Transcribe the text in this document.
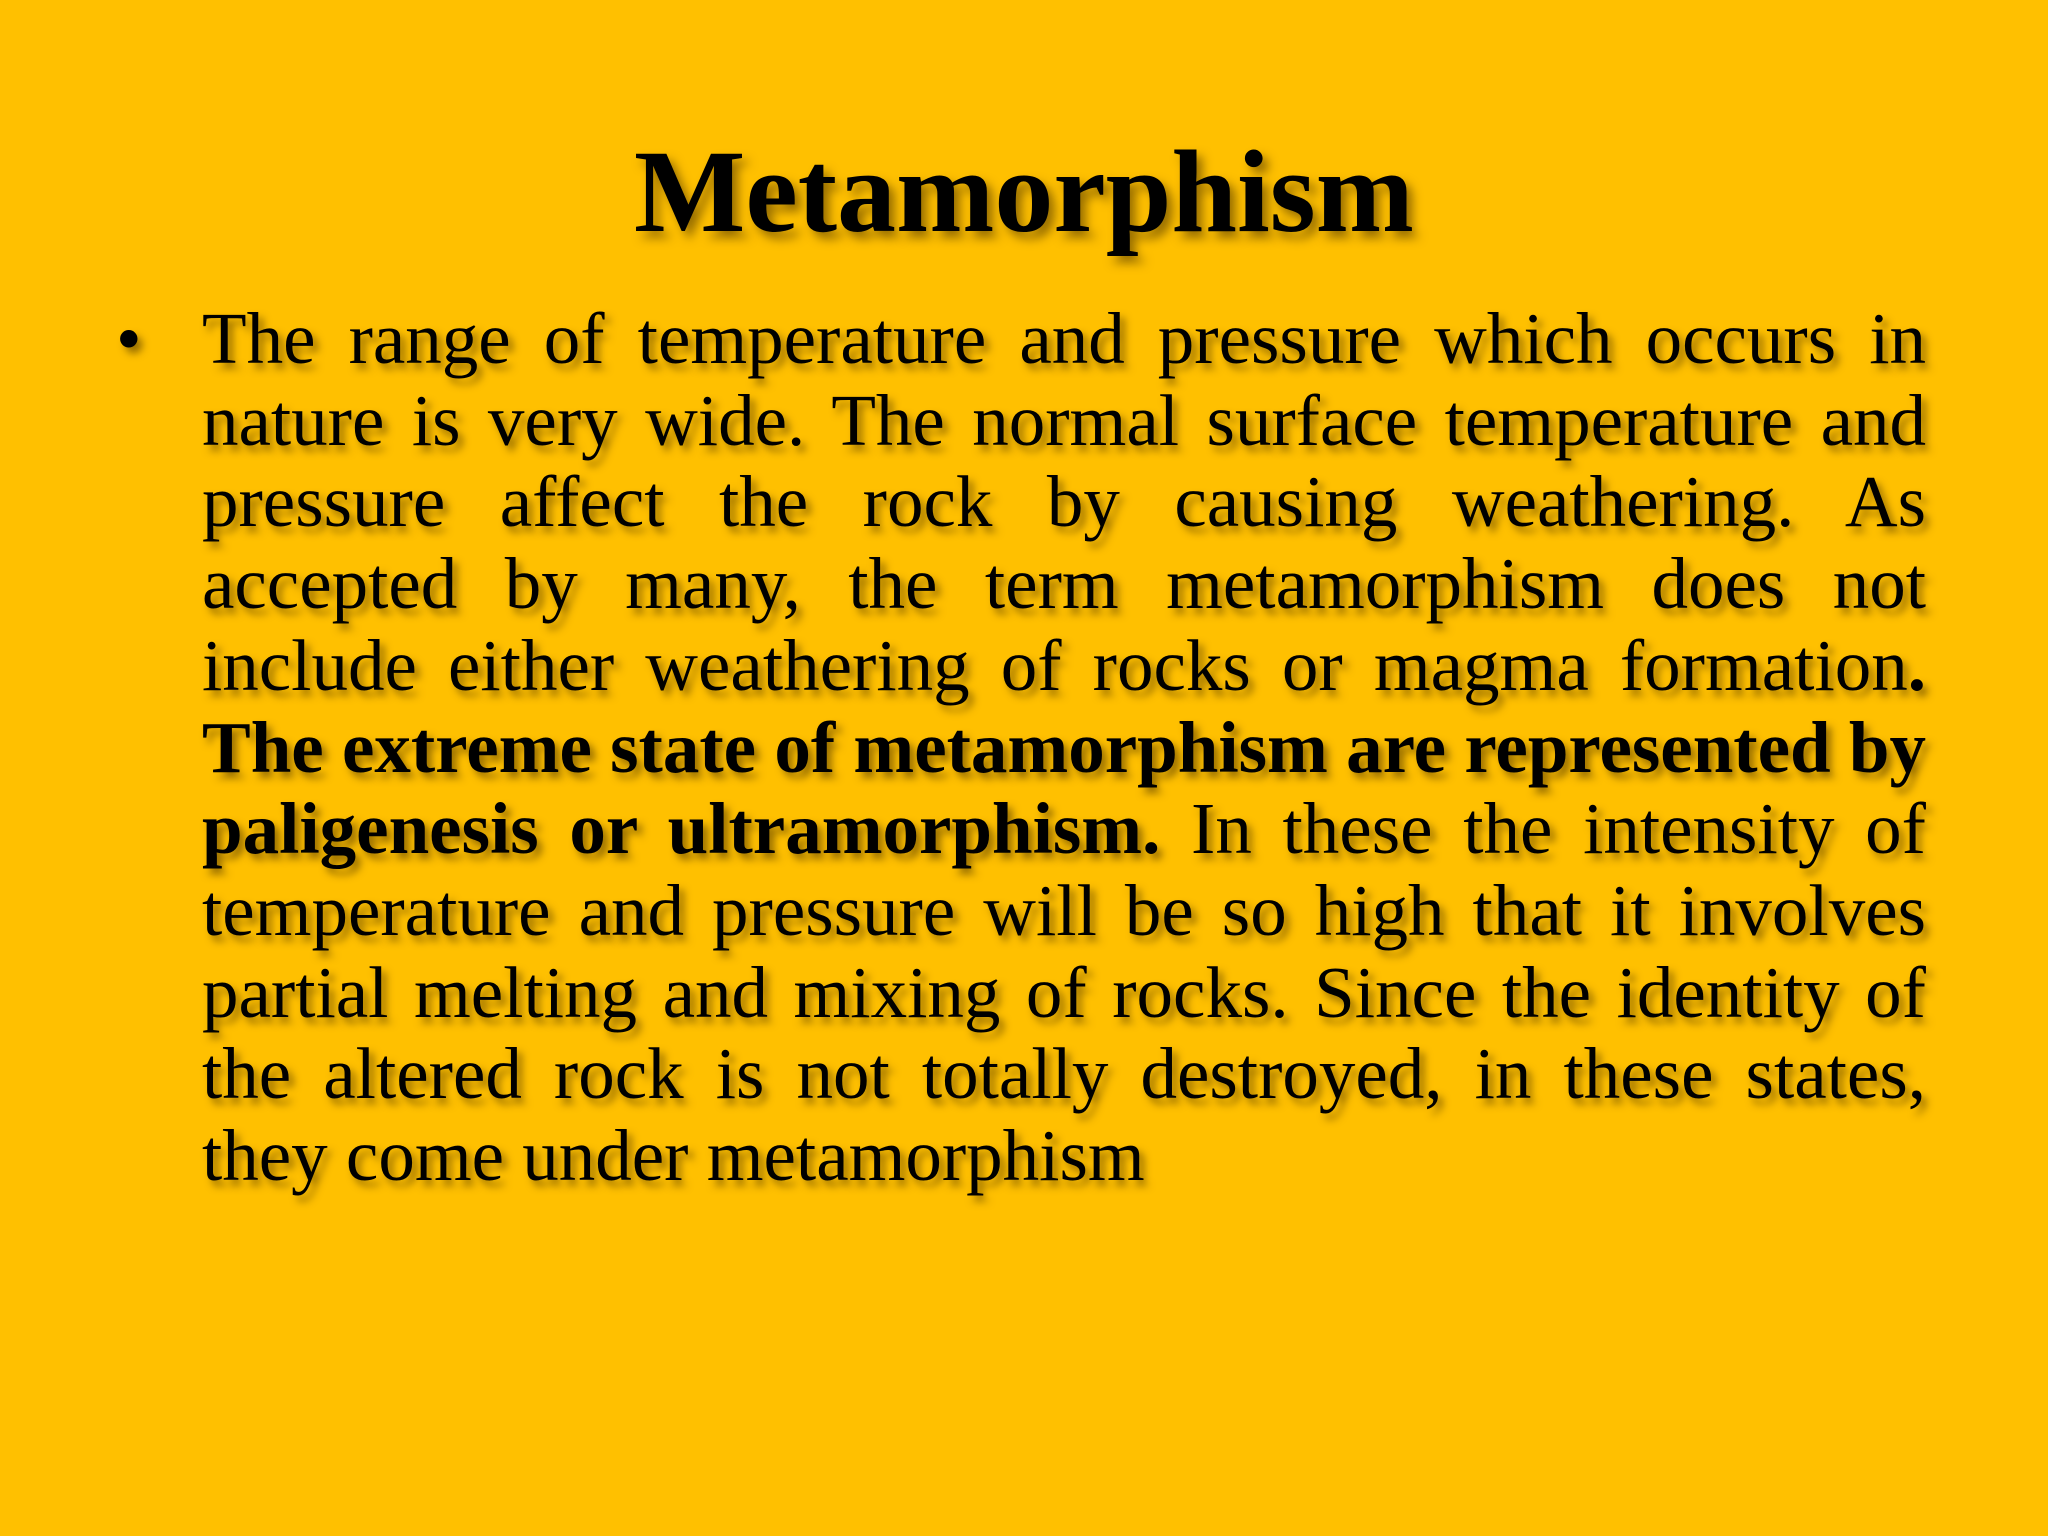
Metamorphism
• The range of temperature and pressure which occurs in nature is very wide. The normal surface temperature and pressure affect the rock by causing weathering. As accepted by many, the term metamorphism does not include either weathering of rocks or magma formation. The extreme state of metamorphism are represented by paligenesis or ultramorphism. In these the intensity of temperature and pressure will be so high that it involves partial melting and mixing of rocks. Since the identity of the altered rock is not totally destroyed, in these states, they come under metamorphism
